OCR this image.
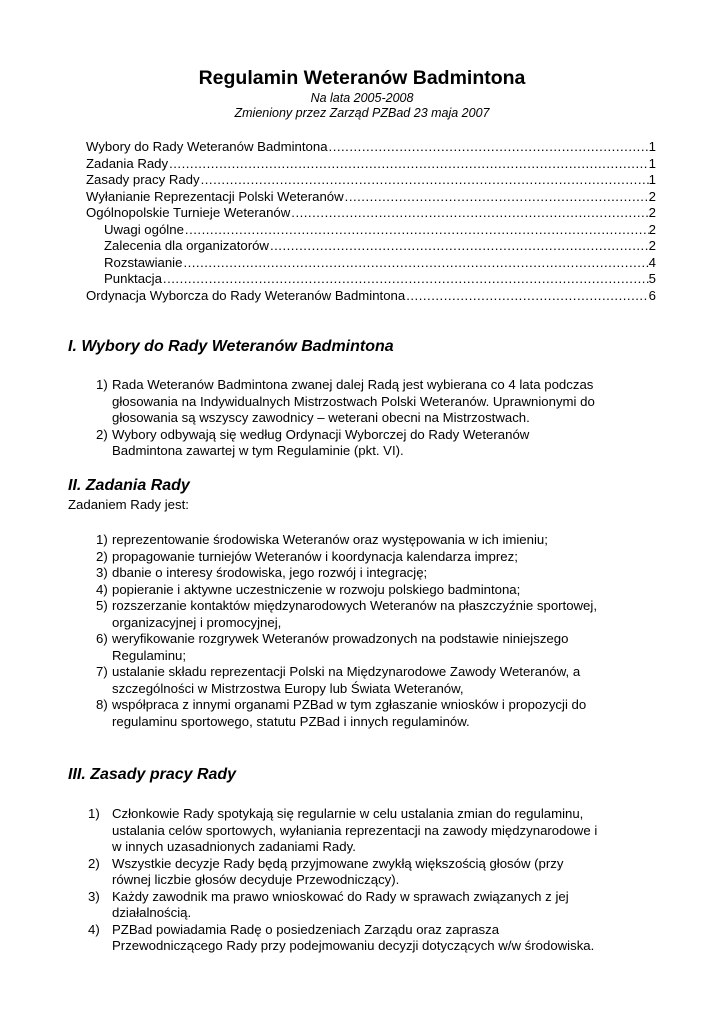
Regulamin Weteranów Badmintona
Na lata 2005-2008
Zmieniony przez Zarząd PZBad 23 maja 2007
Wybory do Rady Weteranów Badmintona .....	1
Zadania Rady .....	1
Zasady pracy Rady .....	1
Wyłanianie Reprezentacji Polski Weteranów .....	2
Ogólnopolskie Turnieje Weteranów .....	2
Uwagi ogólne .....	2
Zalecenia dla organizatorów .....	2
Rozstawianie .....	4
Punktacja .....	5
Ordynacja Wyborcza do Rady Weteranów Badmintona .....	6
I. Wybory do Rady Weteranów Badmintona
1) Rada Weteranów Badmintona zwanej dalej Radą jest wybierana co 4 lata podczas
głosowania na Indywidualnych Mistrzostwach Polski Weteranów. Uprawnionymi do
głosowania są wszyscy zawodnicy – weterani obecni na Mistrzostwach.
2) Wybory odbywają się według Ordynacji Wyborczej do Rady Weteranów
Badmintona zawartej w tym Regulaminie (pkt. VI).
II. Zadania Rady
Zadaniem Rady jest:
1) reprezentowanie środowiska Weteranów oraz występowania w ich imieniu;
2) propagowanie turniejów Weteranów i koordynacja kalendarza imprez;
3) dbanie o interesy środowiska, jego rozwój i integrację;
4) popieranie i aktywne uczestniczenie w rozwoju polskiego badmintona;
5) rozszerzanie kontaktów międzynarodowych Weteranów na płaszczyźnie sportowej,
organizacyjnej i promocyjnej,
6) weryfikowanie rozgrywek Weteranów prowadzonych na podstawie niniejszego
Regulaminu;
7) ustalanie składu reprezentacji Polski na Międzynarodowe Zawody Weteranów, a
szczególności w Mistrzostwa Europy lub Świata Weteranów,
8) współpraca z innymi organami PZBad w tym zgłaszanie wniosków i propozycji do
regulaminu sportowego, statutu PZBad i innych regulaminów.
III. Zasady pracy Rady
1) Członkowie Rady spotykają się regularnie w celu ustalania zmian do regulaminu,
ustalania celów sportowych, wyłaniania reprezentacji na zawody międzynarodowe i
w innych uzasadnionych zadaniami Rady.
2) Wszystkie decyzje Rady będą przyjmowane zwykłą większością głosów (przy
równej liczbie głosów decyduje Przewodniczący).
3) Każdy zawodnik ma prawo wnioskować do Rady w sprawach związanych z jej
działalnością.
4) PZBad powiadamia Radę o posiedzeniach Zarządu oraz zaprasza
Przewodniczącego Rady przy podejmowaniu decyzji dotyczących w/w środowiska.
